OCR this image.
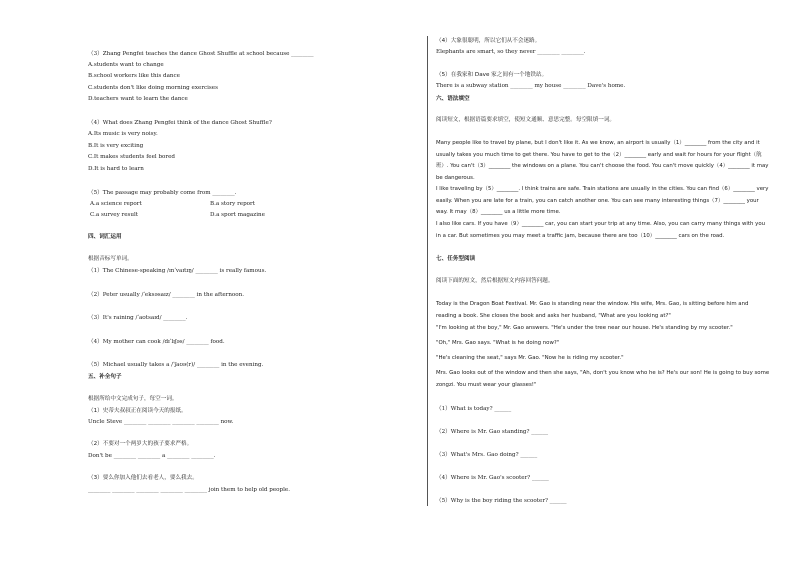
（3）Zhang Pengfei teaches the dance Ghost Shuffle at school because ________
A.students want to change
B.school workers like this dance
C.students don't like doing morning exercises
D.teachers want to learn the dance
（4）What does Zhang Pengfei think of the dance Ghost Shuffle?
A.Its music is very noisy.
B.It is very exciting
C.It makes students feel bored
D.It is hard to learn
（5）The passage may probably come from ________.
A.a science report	B.a story report
C.a survey result	D.a sport magazine
四、词汇运用
根据音标写单词。
（1）The Chinese-speaking /ɪnˈvaɪtɪŋ/ ________ is really famous.
（2）Peter usually /ˈeksəsaɪz/ ________ in the afternoon.
（3）It's raining /ˈaʊtsaɪd/ ________.
（4）My mother can cook /dɪˈlɪʃəs/ ________ food.
（5）Michael usually takes a /ˈʃaʊə(r)/ ________ in the evening.
五、补全句子
根据所给中文完成句子，每空一词。
（1）史蒂夫叔叔正在阅读今天的报纸。
Uncle Steve ________ ________ ________ ________ now.
（2）不要对一个两岁大的孩子要求严格。
Don't be ________ ________ a ________ ________.
（3）要么你加入他们去看老人，要么我去。
________ ________ ________ ________ ________ join them to help old people.
（4）大象很聪明，所以它们从不会迷路。
Elephants are smart, so they never ________ ________.
（5）在我家和 Dave 家之间有一个地铁站。
There is a subway station ________ my house ________ Dave's home.
六、语法填空
阅读短文，根据语篇要求填空，使短文通顺、意思完整。每空限填一词。
Many people like to travel by plane, but I don't like it. As we know, an airport is usually（1）________ from the city and it usually takes you much time to get there. You have to get to the（2）________ early and wait for hours for your flight（航班）. You can't（3）________ the windows on a plane. You can't choose the food. You can't move quickly（4）________ it may be dangerous.
I like traveling by（5）________. I think trains are safe. Train stations are usually in the cities. You can find（6）________ very easily. When you are late for a train, you can catch another one. You can see many interesting things（7）________ your way. It may（8）________ us a little more time.
I also like cars. If you have（9）________ car, you can start your trip at any time. Also, you can carry many things with you in a car. But sometimes you may meet a traffic jam, because there are too（10）________ cars on the road.
七、任务型阅读
阅读下面的短文，然后根据短文内容回答问题。
Today is the Dragon Boat Festival. Mr. Gao is standing near the window. His wife, Mrs. Gao, is sitting before him and reading a book. She closes the book and asks her husband, "What are you looking at?"
"I'm looking at the boy," Mr. Gao answers. "He's under the tree near our house. He's standing by my scooter."
"Oh," Mrs. Gao says. "What is he doing now?"
"He's cleaning the seat," says Mr. Gao. "Now he is riding my scooter."
Mrs. Gao looks out of the window and then she says, "Ah, don't you know who he is? He's our son! He is going to buy some zongzi. You must wear your glasses!"
（1）What is today? ______
（2）Where is Mr. Gao standing? ______
（3）What's Mrs. Gao doing? ______
（4）Where is Mr. Gao's scooter? ______
（5）Why is the boy riding the scooter? ______
